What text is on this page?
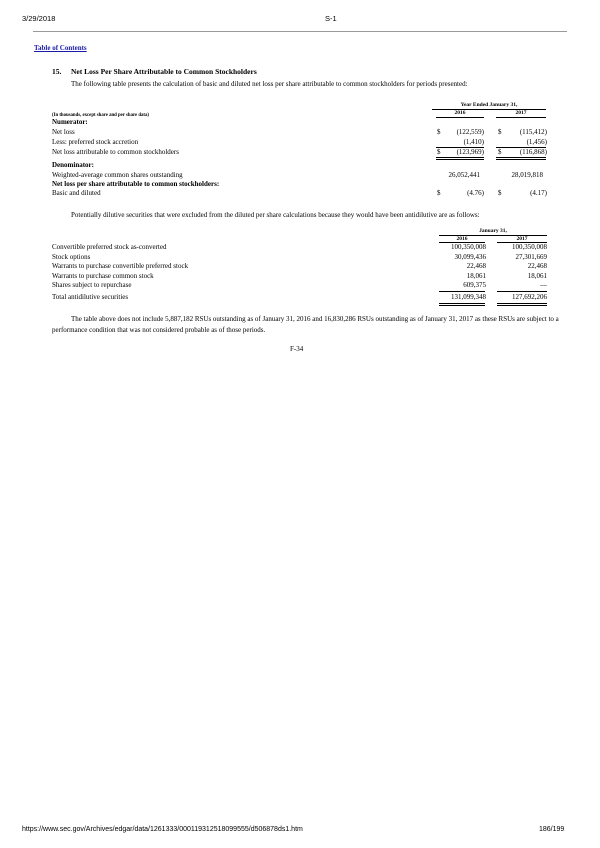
3/29/2018	S-1
Table of Contents
15. Net Loss Per Share Attributable to Common Stockholders
The following table presents the calculation of basic and diluted net loss per share attributable to common stockholders for periods presented:
Year Ended January 31,
2016	2017
(In thousands, except share and per share data)
Numerator:
Net loss	$	(122,559) $	(115,412)
Less: preferred stock accretion	(1,410)	(1,456)
Net loss attributable to common stockholders	$	(123,969) $	(116,868)
Denominator:
Weighted-average common shares outstanding	26,052,441	28,019,818
Net loss per share attributable to common stockholders:
Basic and diluted	$	(4.76) $	(4.17)
Potentially dilutive securities that were excluded from the diluted per share calculations because they would have been antidilutive are as follows:
January 31,
2016	2017
Convertible preferred stock as-converted	100,350,008	100,350,008
Stock options	30,099,436	27,301,669
Warrants to purchase convertible preferred stock	22,468	22,468
Warrants to purchase common stock	18,061	18,061
Shares subject to repurchase	609,375	—
Total antidilutive securities	131,099,348	127,692,206
The table above does not include 5,887,182 RSUs outstanding as of January 31, 2016 and 16,830,286 RSUs outstanding as of January 31, 2017 as these RSUs are subject to a performance condition that was not considered probable as of those periods.
F-34
https://www.sec.gov/Archives/edgar/data/1261333/000119312518099555/d506878ds1.htm	186/199
